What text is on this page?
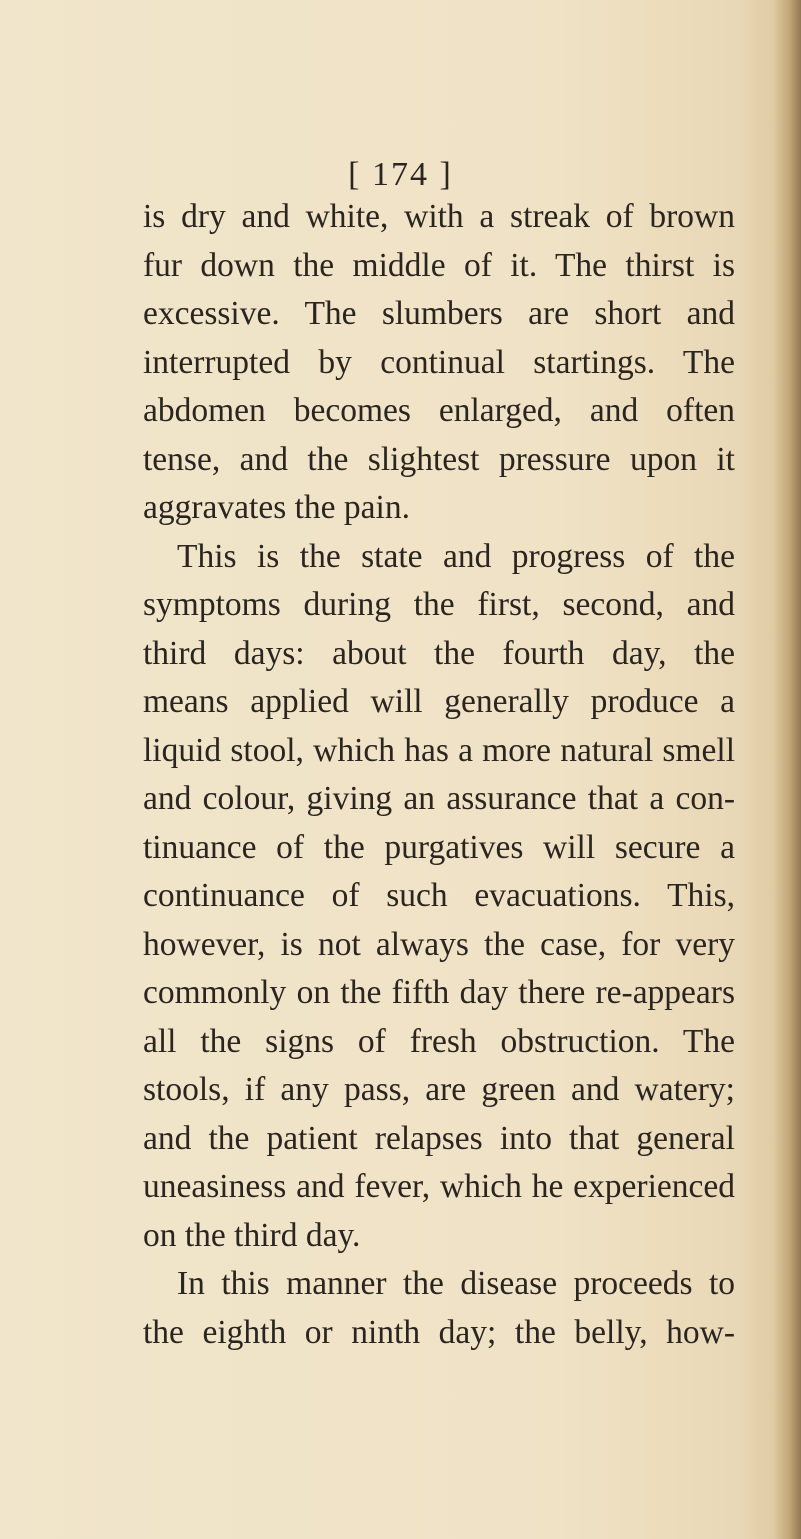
[ 174 ]
is dry and white, with a streak of brown
fur down the middle of it. The thirst is
excessive. The slumbers are short and
interrupted by continual startings. The
abdomen becomes enlarged, and often
tense, and the slightest pressure upon it
aggravates the pain.
This is the state and progress of the
symptoms during the first, second, and
third days: about the fourth day, the
means applied will generally produce a
liquid stool, which has a more natural smell
and colour, giving an assurance that a con-
tinuance of the purgatives will secure a
continuance of such evacuations. This,
however, is not always the case, for very
commonly on the fifth day there re-appears
all the signs of fresh obstruction. The
stools, if any pass, are green and watery;
and the patient relapses into that general
uneasiness and fever, which he experienced
on the third day.
In this manner the disease proceeds to
the eighth or ninth day; the belly, how-
